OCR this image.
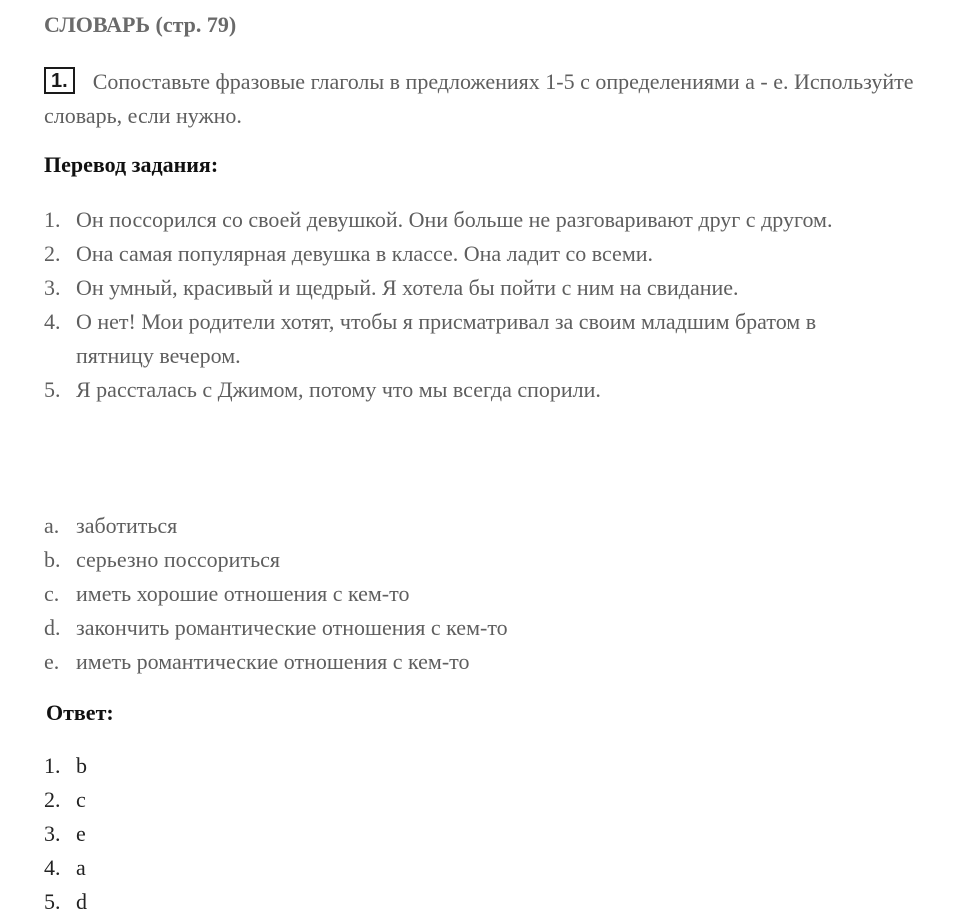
СЛОВАРЬ (стр. 79)

1. Сопоставьте фразовые глаголы в предложениях 1-5 с определениями a - e. Используйте словарь, если нужно.

Перевод задания:
1. Он поссорился со своей девушкой. Они больше не разговаривают друг с другом.
2. Она самая популярная девушка в классе. Она ладит со всеми.
3. Он умный, красивый и щедрый. Я хотела бы пойти с ним на свидание.
4. О нет! Мои родители хотят, чтобы я присматривал за своим младшим братом в пятницу вечером.
5. Я рассталась с Джимом, потому что мы всегда спорили.
a. заботиться
b. серьезно поссориться
c. иметь хорошие отношения с кем-то
d. закончить романтические отношения с кем-то
e. иметь романтические отношения с кем-то
Ответ:
1. b
2. c
3. e
4. a
5. d
